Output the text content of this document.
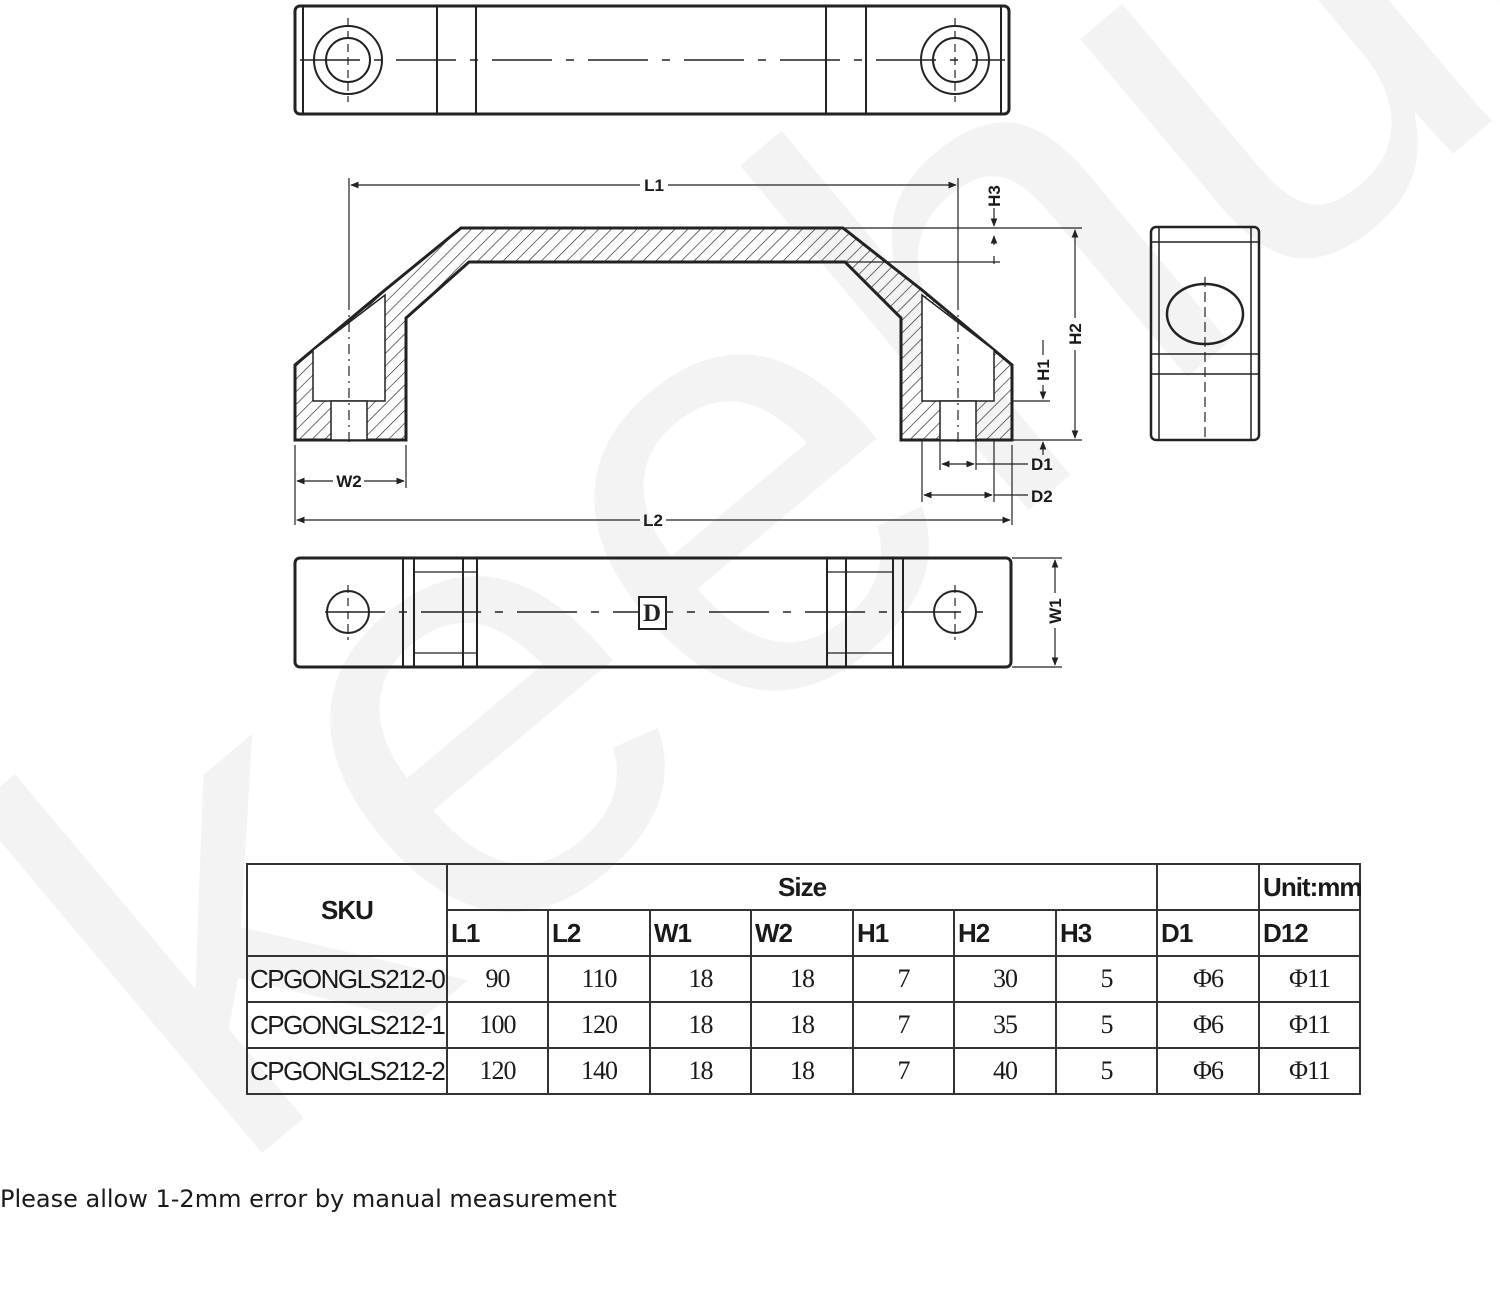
L1
L2
W2
H2
H3
H1
D1
D2
W1
D
SKU	Size								Unit:mm
	L1	L2	W1	W2	H1	H2	H3	D1	D12
CPGONGLS212-0	90	110	18	18	7	30	5	Φ6	Φ11
CPGONGLS212-1	100	120	18	18	7	35	5	Φ6	Φ11
CPGONGLS212-2	120	140	18	18	7	40	5	Φ6	Φ11
Please allow 1-2mm error by manual measurement
